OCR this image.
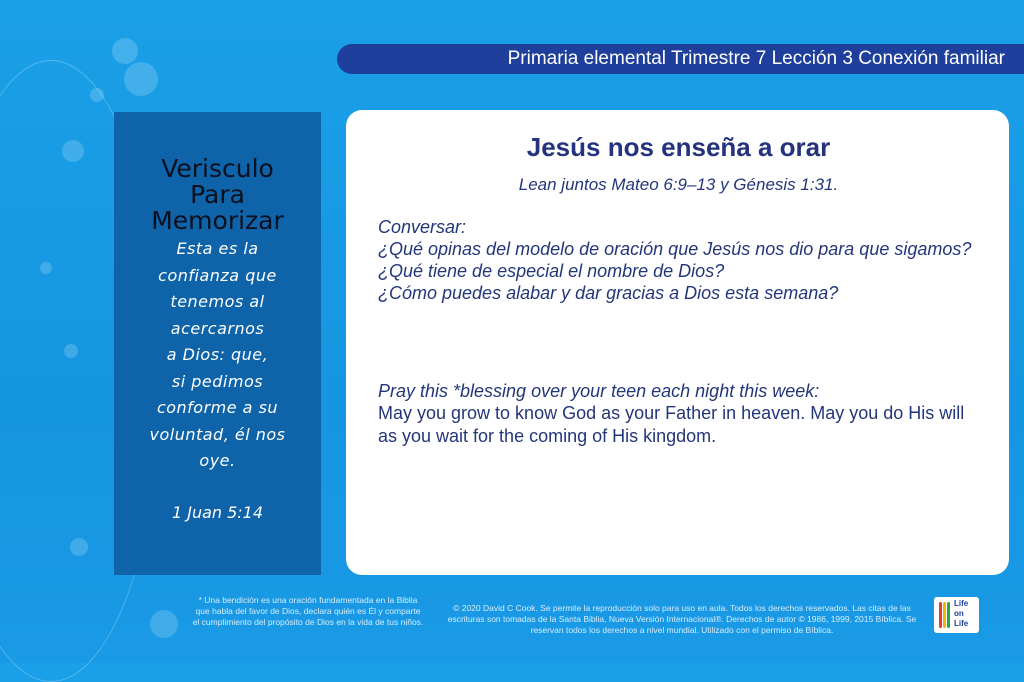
Primaria elemental Trimestre 7 Lección 3 Conexión familiar
Verisculo
Para
Memorizar
Esta es la
confianza que
tenemos al
acercarnos
a Dios: que,
si pedimos
conforme a su
voluntad, él nos
oye.
1 Juan 5:14
Jesús nos enseña a orar
Lean juntos Mateo 6:9–13 y Génesis 1:31.
Conversar:
¿Qué opinas del modelo de oración que Jesús nos dio para que sigamos?
¿Qué tiene de especial el nombre de Dios?
¿Cómo puedes alabar y dar gracias a Dios esta semana?
Pray this *blessing over your teen each night this week:
May you grow to know God as your Father in heaven. May you do His will as you wait for the coming of His kingdom.
* Una bendición es una oración fundamentada en la Biblia que habla del favor de Dios, declara quién es Él y comparte el cumplimiento del propósito de Dios en la vida de tus niños.
© 2020 David C Cook. Se permite la reproducción solo para uso en aula. Todos los derechos reservados. Las citas de las escrituras son tomadas de la Santa Biblia, Nueva Versión Internacional®. Derechos de autor © 1986, 1999, 2015 Bíblica. Se reservan todos los derechos a nivel mundial. Utilizado con el permiso de Bíblica.
Life
on
Life
